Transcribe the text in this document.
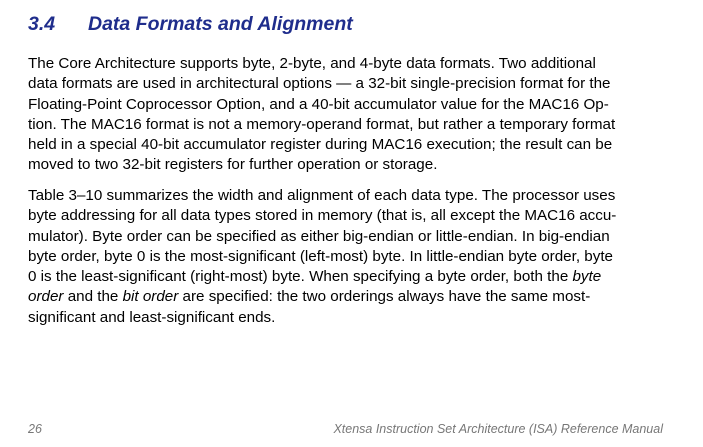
3.4 Data Formats and Alignment

The Core Architecture supports byte, 2-byte, and 4-byte data formats. Two additional
data formats are used in architectural options — a 32-bit single-precision format for the
Floating-Point Coprocessor Option, and a 40-bit accumulator value for the MAC16 Op-
tion. The MAC16 format is not a memory-operand format, but rather a temporary format
held in a special 40-bit accumulator register during MAC16 execution; the result can be
moved to two 32-bit registers for further operation or storage.

Table 3–10 summarizes the width and alignment of each data type. The processor uses
byte addressing for all data types stored in memory (that is, all except the MAC16 accu-
mulator). Byte order can be specified as either big-endian or little-endian. In big-endian
byte order, byte 0 is the most-significant (left-most) byte. In little-endian byte order, byte
0 is the least-significant (right-most) byte. When specifying a byte order, both the byte
order and the bit order are specified: the two orderings always have the same most-
significant and least-significant ends.

26	Xtensa Instruction Set Architecture (ISA) Reference Manual
